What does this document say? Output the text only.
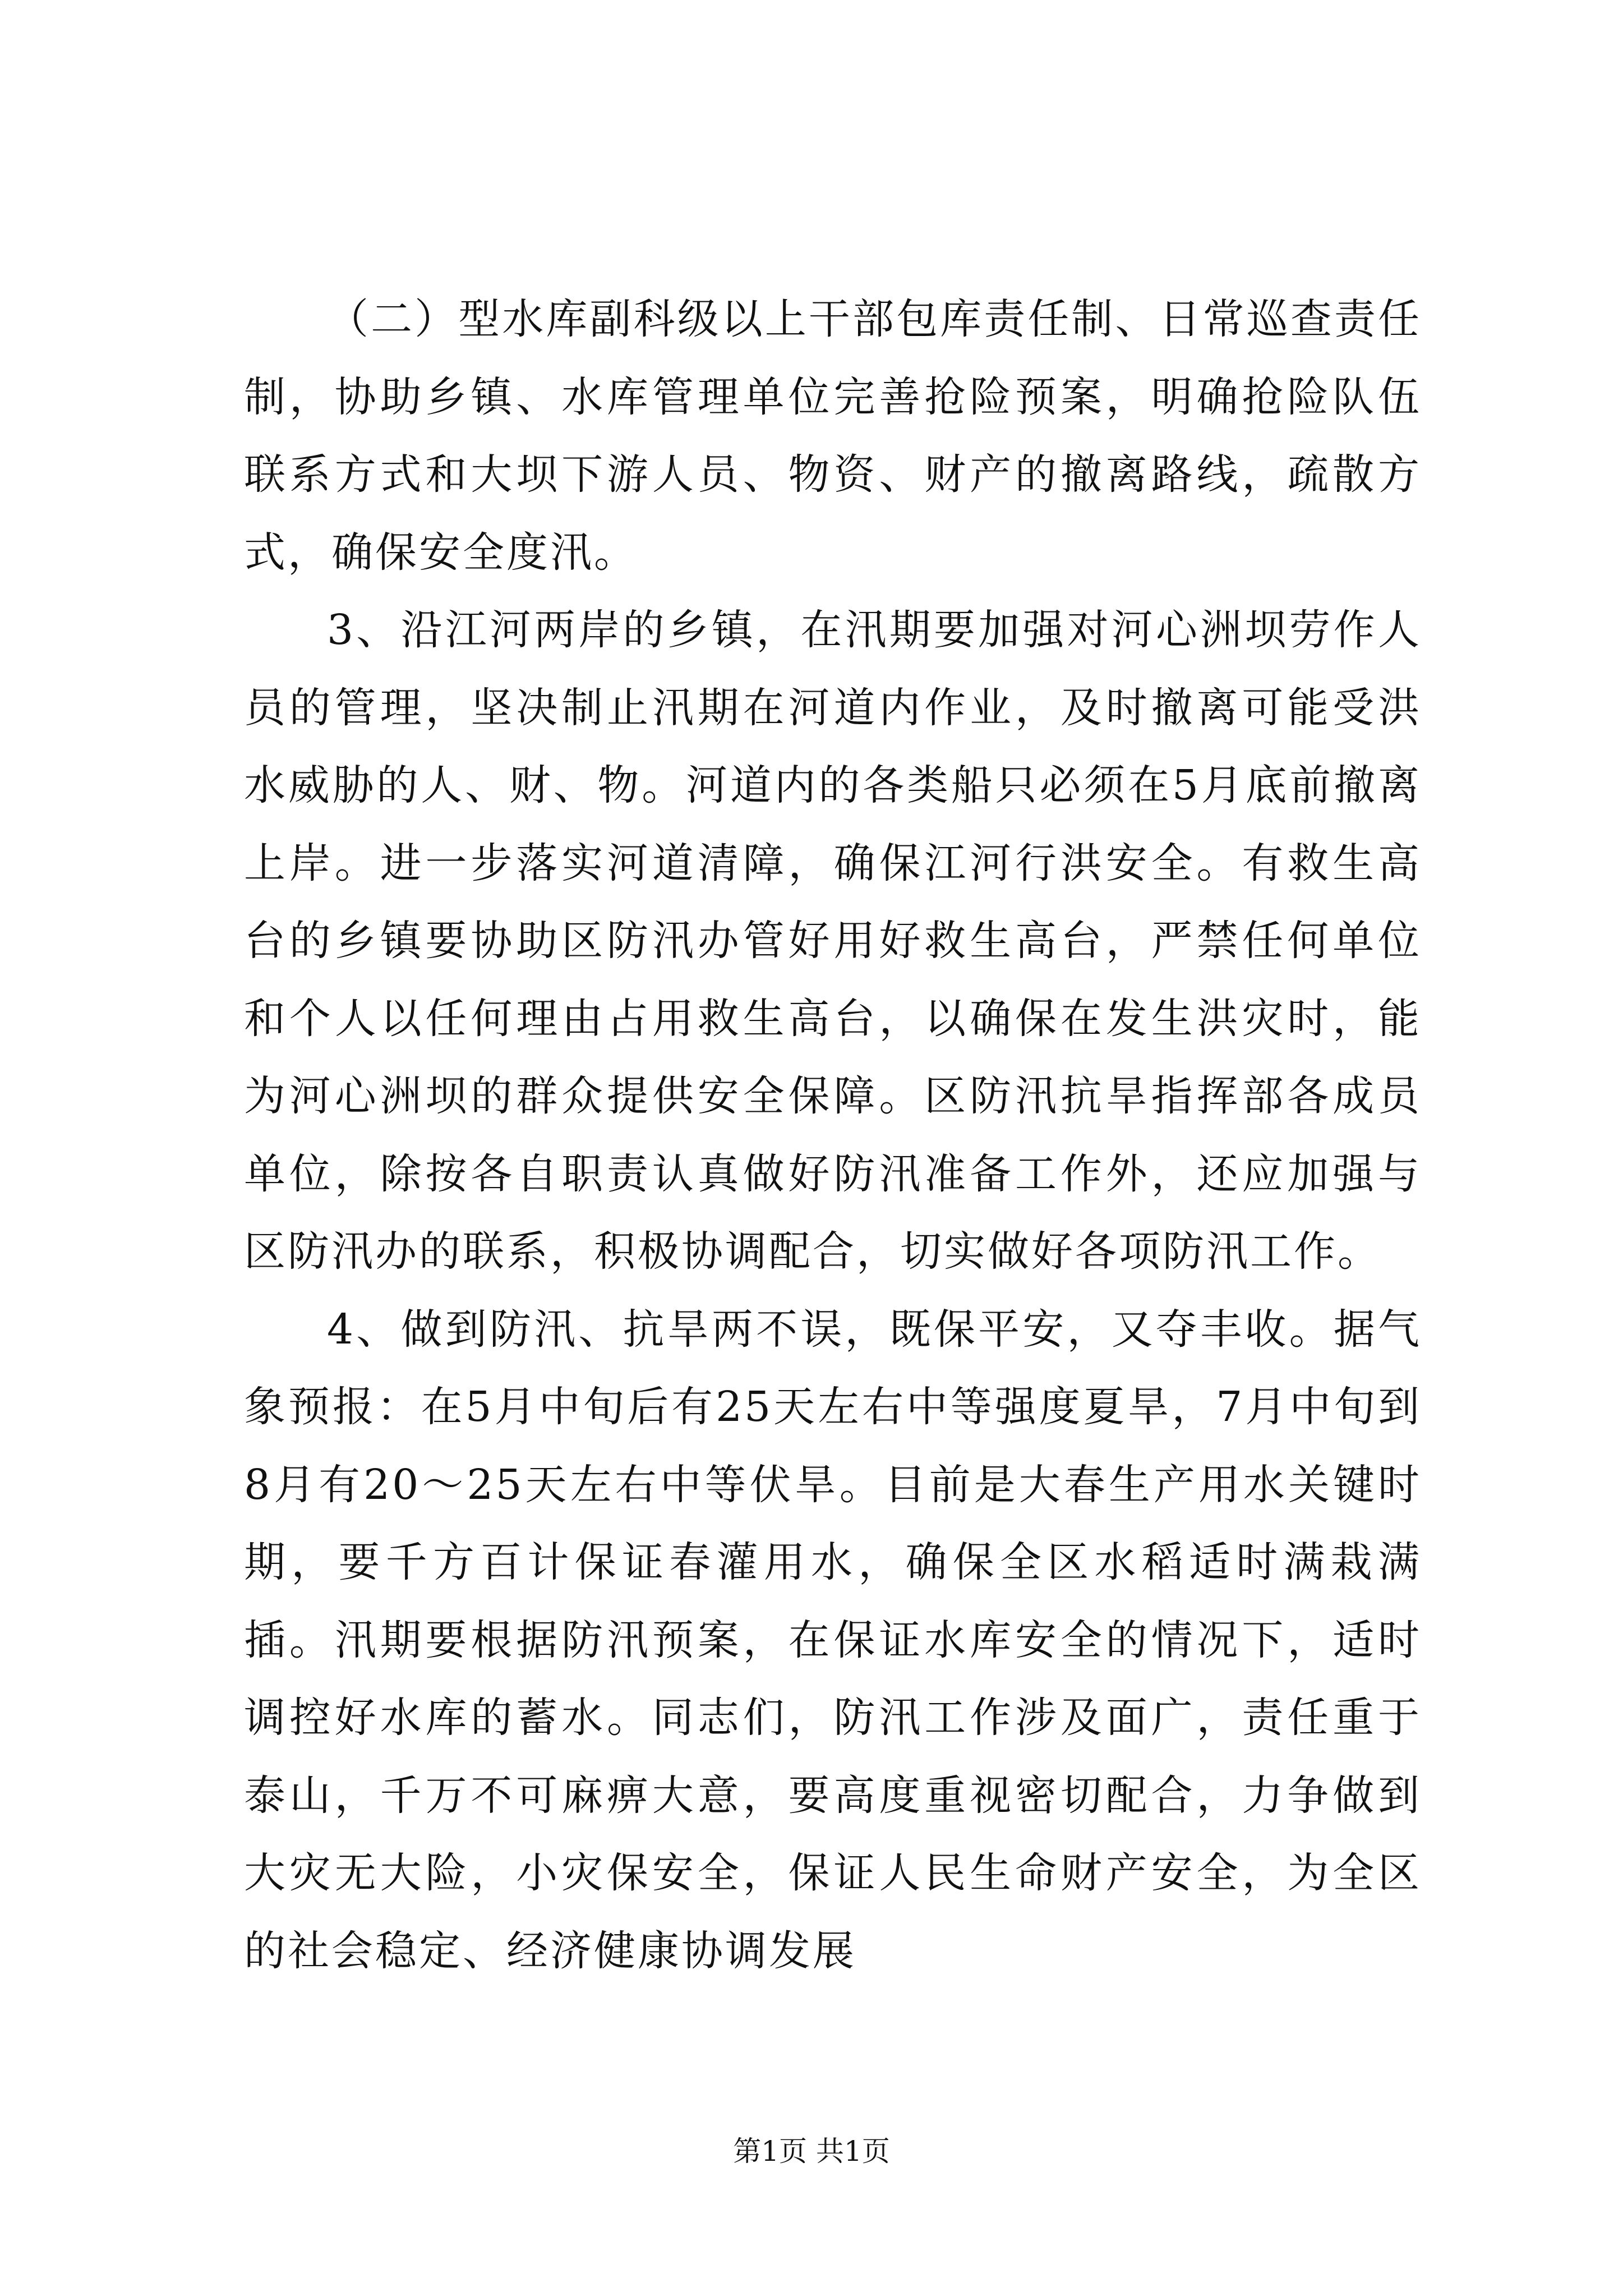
（二）型水库副科级以上干部包库责任制、日常巡查责任制，协助乡镇、水库管理单位完善抢险预案，明确抢险队伍联系方式和大坝下游人员、物资、财产的撤离路线，疏散方式，确保安全度汛。

3、沿江河两岸的乡镇，在汛期要加强对河心洲坝劳作人员的管理，坚决制止汛期在河道内作业，及时撤离可能受洪水威胁的人、财、物。河道内的各类船只必须在5月底前撤离上岸。进一步落实河道清障，确保江河行洪安全。有救生高台的乡镇要协助区防汛办管好用好救生高台，严禁任何单位和个人以任何理由占用救生高台，以确保在发生洪灾时，能为河心洲坝的群众提供安全保障。区防汛抗旱指挥部各成员单位，除按各自职责认真做好防汛准备工作外，还应加强与区防汛办的联系，积极协调配合，切实做好各项防汛工作。

4、做到防汛、抗旱两不误，既保平安，又夺丰收。据气象预报：在5月中旬后有25天左右中等强度夏旱，7月中旬到8月有20～25天左右中等伏旱。目前是大春生产用水关键时期，要千方百计保证春灌用水，确保全区水稻适时满栽满插。汛期要根据防汛预案，在保证水库安全的情况下，适时调控好水库的蓄水。同志们，防汛工作涉及面广，责任重于泰山，千万不可麻痹大意，要高度重视密切配合，力争做到大灾无大险，小灾保安全，保证人民生命财产安全，为全区的社会稳定、经济健康协调发展

第1页 共1页
